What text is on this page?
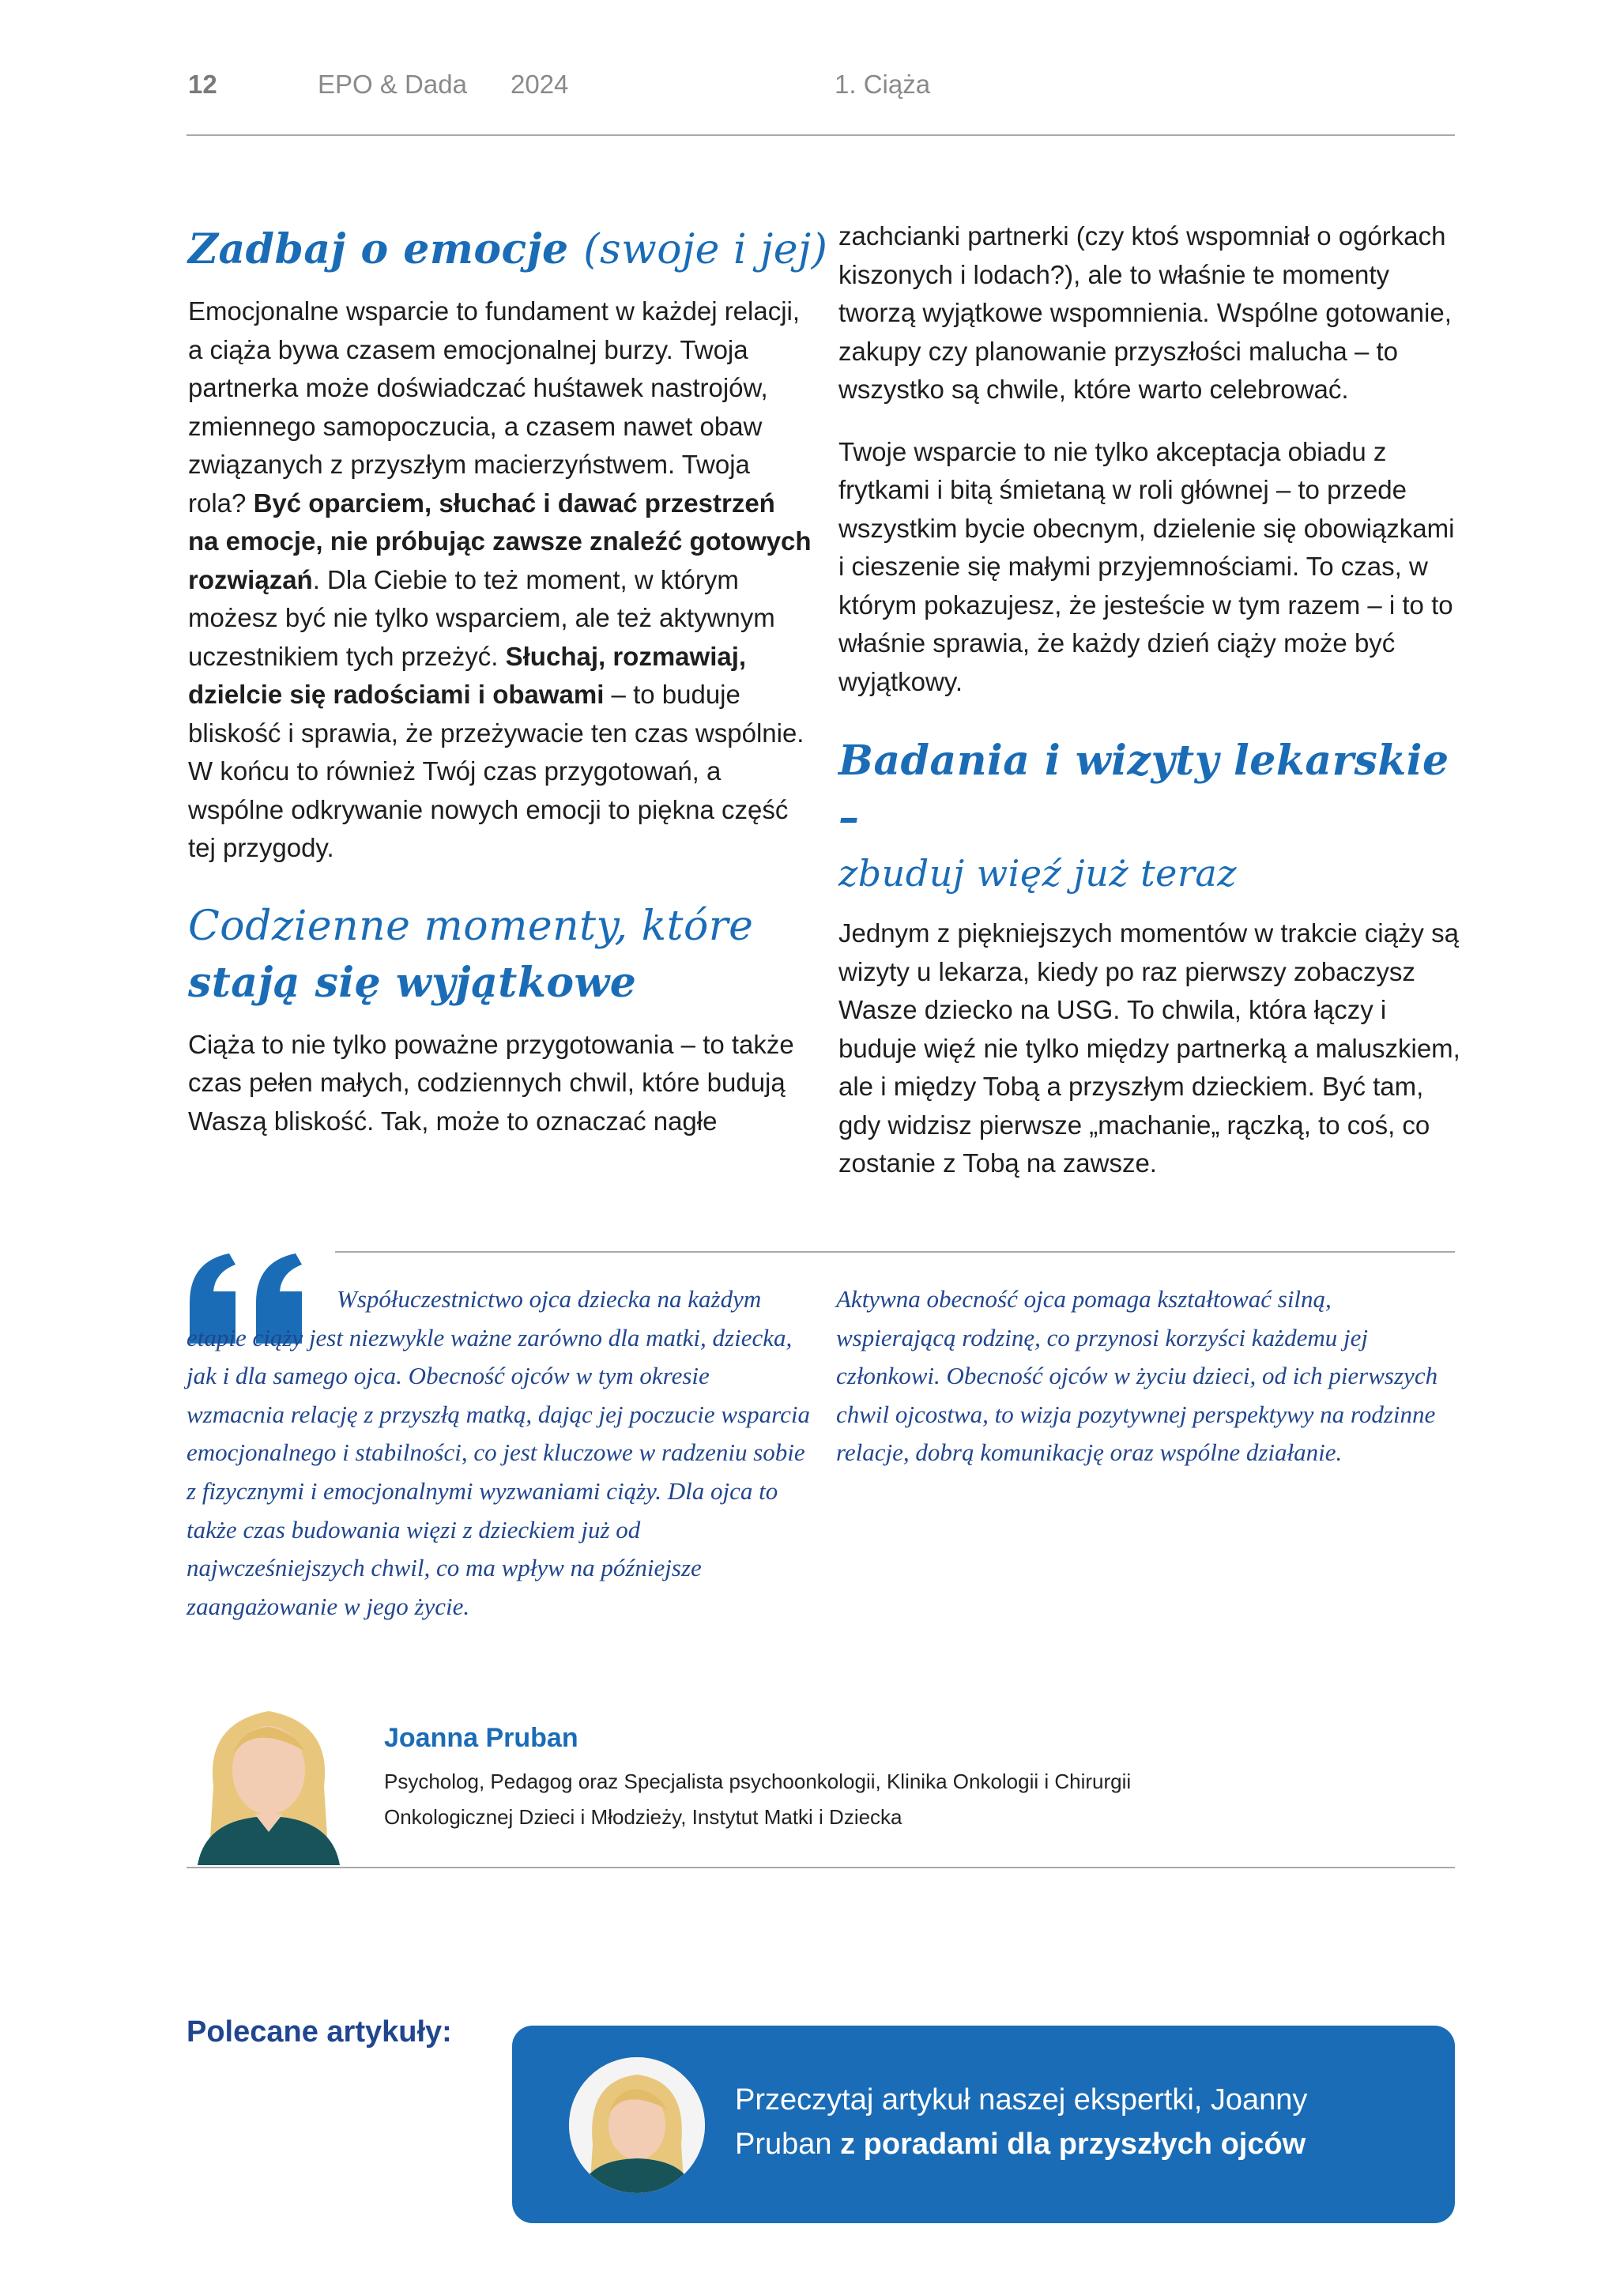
12	EPO & Dada 2024	1. Ciąża
Zadbaj o emocje (swoje i jej)

Emocjonalne wsparcie to fundament w każdej relacji, a ciąża bywa czasem emocjonalnej burzy. Twoja partnerka może doświadczać huśtawek nastrojów, zmiennego samopoczucia, a czasem nawet obaw związanych z przyszłym macierzyństwem. Twoja rola? Być oparciem, słuchać i dawać przestrzeń na emocje, nie próbując zawsze znaleźć gotowych rozwiązań. Dla Ciebie to też moment, w którym możesz być nie tylko wsparciem, ale też aktywnym uczestnikiem tych przeżyć. Słuchaj, rozmawiaj, dzielcie się radościami i obawami – to buduje bliskość i sprawia, że przeżywacie ten czas wspólnie. W końcu to również Twój czas przygotowań, a wspólne odkrywanie nowych emocji to piękna część tej przygody.

Codzienne momenty, które stają się wyjątkowe

Ciąża to nie tylko poważne przygotowania – to także czas pełen małych, codziennych chwil, które budują Waszą bliskość. Tak, może to oznaczać nagłe

zachcianki partnerki (czy ktoś wspomniał o ogórkach kiszonych i lodach?), ale to właśnie te momenty tworzą wyjątkowe wspomnienia. Wspólne gotowanie, zakupy czy planowanie przyszłości malucha – to wszystko są chwile, które warto celebrować.

Twoje wsparcie to nie tylko akceptacja obiadu z frytkami i bitą śmietaną w roli głównej – to przede wszystkim bycie obecnym, dzielenie się obowiązkami i cieszenie się małymi przyjemnościami. To czas, w którym pokazujesz, że jesteście w tym razem – i to to właśnie sprawia, że każdy dzień ciąży może być wyjątkowy.

Badania i wizyty lekarskie –
zbuduj więź już teraz

Jednym z piękniejszych momentów w trakcie ciąży są wizyty u lekarza, kiedy po raz pierwszy zobaczysz Wasze dziecko na USG. To chwila, która łączy i buduje więź nie tylko między partnerką a maluszkiem, ale i między Tobą a przyszłym dzieckiem. Być tam, gdy widzisz pierwsze „machanie„ rączką, to coś, co zostanie z Tobą na zawsze.

Współuczestnictwo ojca dziecka na każdym etapie ciąży jest niezwykle ważne zarówno dla matki, dziecka, jak i dla samego ojca. Obecność ojców w tym okresie wzmacnia relację z przyszłą matką, dając jej poczucie wsparcia emocjonalnego i stabilności, co jest kluczowe w radzeniu sobie z fizycznymi i emocjonalnymi wyzwaniami ciąży. Dla ojca to także czas budowania więzi z dzieckiem już od najwcześniejszych chwil, co ma wpływ na późniejsze zaangażowanie w jego życie.
Aktywna obecność ojca pomaga kształtować silną, wspierającą rodzinę, co przynosi korzyści każdemu jej członkowi. Obecność ojców w życiu dzieci, od ich pierwszych chwil ojcostwa, to wizja pozytywnej perspektywy na rodzinne relacje, dobrą komunikację oraz wspólne działanie.
Joanna Pruban
Psycholog, Pedagog oraz Specjalista psychoonkologii, Klinika Onkologii i Chirurgii Onkologicznej Dzieci i Młodzieży, Instytut Matki i Dziecka
Polecane artykuły:
Przeczytaj artykuł naszej ekspertki, Joanny Pruban z poradami dla przyszłych ojców
